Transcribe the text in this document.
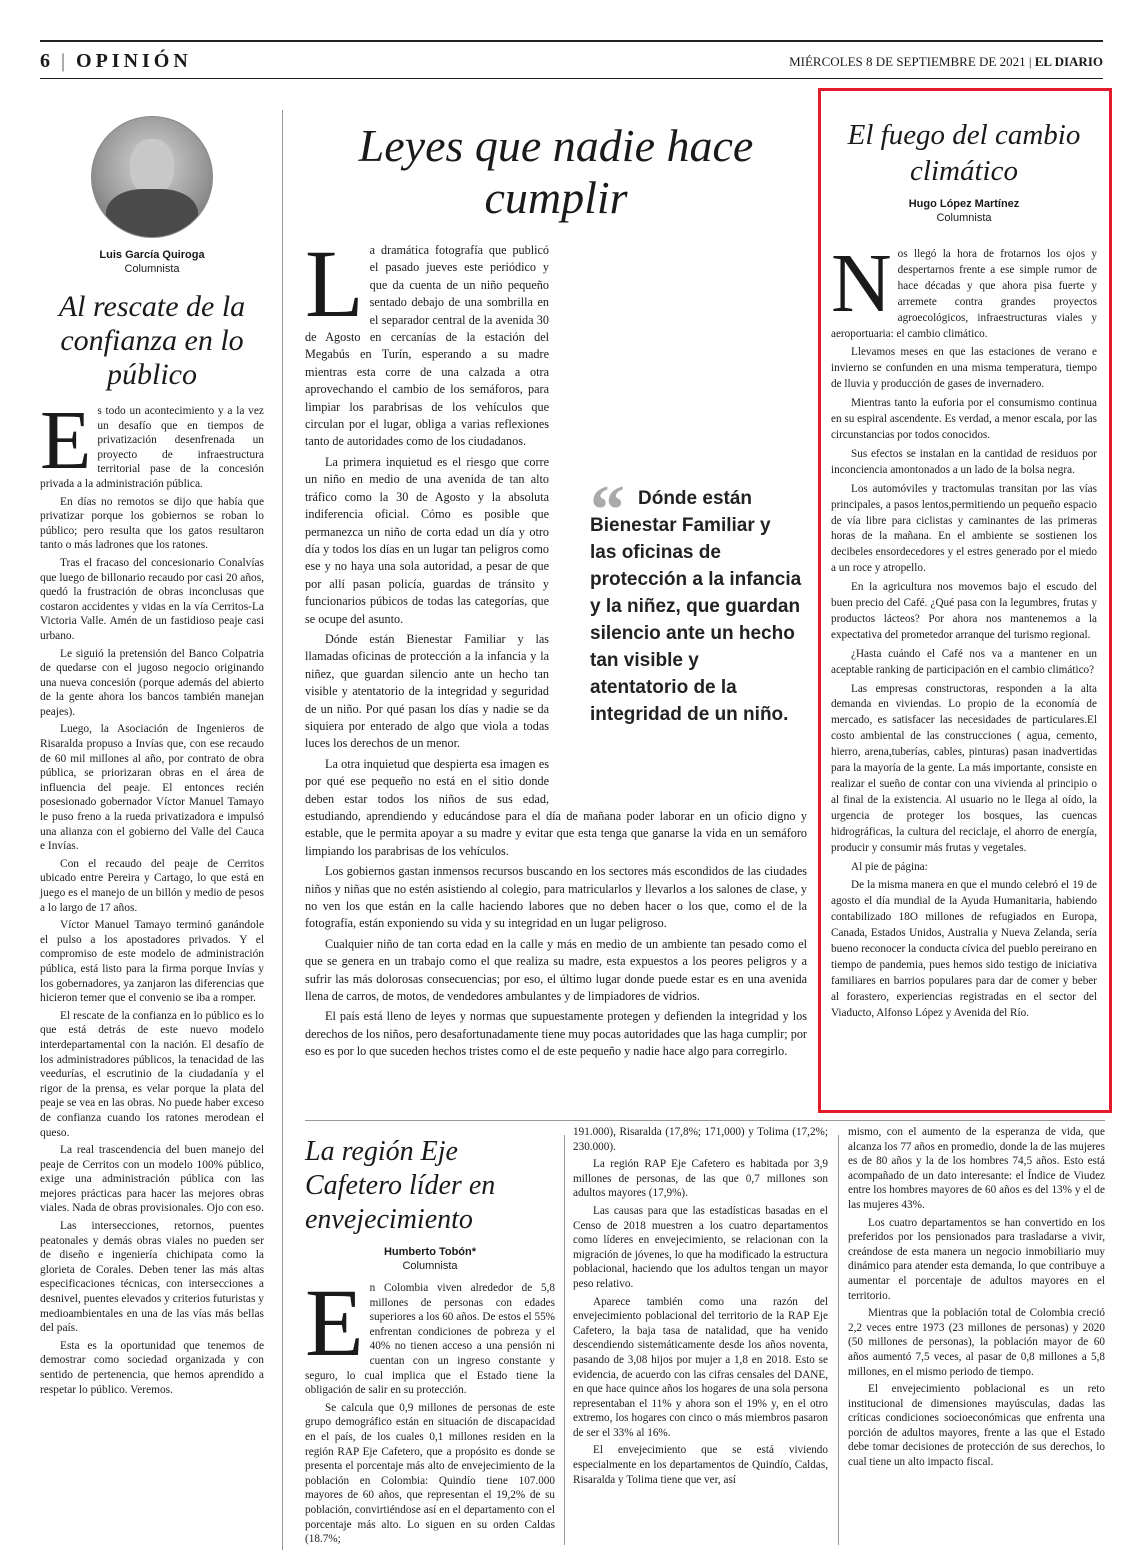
6 | OPINIÓN	MIÉRCOLES 8 DE SEPTIEMBRE DE 2021 | EL DIARIO
Luis García Quiroga
Columnista
Al rescate de la confianza en lo público

Es todo un acontecimiento y a la vez un desafío que en tiempos de privatización desenfrenada un proyecto de infraestructura territorial pase de la concesión privada a la administración pública.

En días no remotos se dijo que había que privatizar porque los gobiernos se roban lo público; pero resulta que los gatos resultaron tanto o más ladrones que los ratones.

Tras el fracaso del concesionario Conalvías que luego de billonario recaudo por casi 20 años, quedó la frustración de obras inconclusas que costaron accidentes y vidas en la vía Cerritos-La Victoria Valle. Amén de un fastidioso peaje casi urbano.

Le siguió la pretensión del Banco Colpatria de quedarse con el jugoso negocio originando una nueva concesión (porque además del abierto de la gente ahora los bancos también manejan peajes).

Luego, la Asociación de Ingenieros de Risaralda propuso a Invías que, con ese recaudo de 60 mil millones al año, por contrato de obra pública, se priorizaran obras en el área de influencia del peaje. El entonces recién posesionado gobernador Víctor Manuel Tamayo le puso freno a la rueda privatizadora e impulsó una alianza con el gobierno del Valle del Cauca e Invías.

Con el recaudo del peaje de Cerritos ubicado entre Pereira y Cartago, lo que está en juego es el manejo de un billón y medio de pesos a lo largo de 17 años.

Víctor Manuel Tamayo terminó ganándole el pulso a los apostadores privados. Y el compromiso de este modelo de administración pública, está listo para la firma porque Invías y los gobernadores, ya zanjaron las diferencias que hicieron temer que el convenio se iba a romper.

El rescate de la confianza en lo público es lo que está detrás de este nuevo modelo interdepartamental con la nación. El desafío de los administradores públicos, la tenacidad de las veedurías, el escrutinio de la ciudadanía y el rigor de la prensa, es velar porque la plata del peaje se vea en las obras. No puede haber exceso de confianza cuando los ratones merodean el queso.

La real trascendencia del buen manejo del peaje de Cerritos con un modelo 100% público, exige una administración pública con las mejores prácticas para hacer las mejores obras viales. Nada de obras provisionales. Ojo con eso.

Las intersecciones, retornos, puentes peatonales y demás obras viales no pueden ser de diseño e ingeniería chichipata como la glorieta de Corales. Deben tener las más altas especificaciones técnicas, con intersecciones a desnivel, puentes elevados y criterios futuristas y medioambientales en una de las vías más bellas del país.

Esta es la oportunidad que tenemos de demostrar como sociedad organizada y con sentido de pertenencia, que hemos aprendido a respetar lo público. Veremos.

Leyes que nadie hace cumplir

La dramática fotografía que publicó el pasado jueves este periódico y que da cuenta de un niño pequeño sentado debajo de una sombrilla en el separador central de la avenida 30 de Agosto en cercanías de la estación del Megabús en Turín, esperando a su madre mientras esta corre de una calzada a otra aprovechando el cambio de los semáforos, para limpiar los parabrisas de los vehículos que circulan por el lugar, obliga a varias reflexiones tanto de autoridades como de los ciudadanos.

La primera inquietud es el riesgo que corre un niño en medio de una avenida de tan alto tráfico como la 30 de Agosto y la absoluta indiferencia oficial. Cómo es posible que permanezca un niño de corta edad un día y otro día y todos los días en un lugar tan peligros como ese y no haya una sola autoridad, a pesar de que por allí pasan policía, guardas de tránsito y funcionarios púbicos de todas las categorías, que se ocupe del asunto.

Dónde están Bienestar Familiar y las llamadas oficinas de protección a la infancia y la niñez, que guardan silencio ante un hecho tan visible y atentatorio de la integridad y seguridad de un niño. Por qué pasan los días y nadie se da siquiera por enterado de algo que viola a todas luces los derechos de un menor.

La otra inquietud que despierta esa imagen es por qué ese pequeño no está en el sitio donde deben estar todos los niños de sus edad, estudiando, aprendiendo y educándose para el día de mañana poder laborar en un oficio digno y estable, que le permita apoyar a su madre y evitar que esta tenga que ganarse la vida en un semáforo limpiando los parabrisas de los vehículos.

Los gobiernos gastan inmensos recursos buscando en los sectores más escondidos de las ciudades niños y niñas que no estén asistiendo al colegio, para matricularlos y llevarlos a los salones de clase, y no ven los que están en la calle haciendo labores que no deben hacer o los que, como el de la fotografía, están exponiendo su vida y su integridad en un lugar peligroso.

Cualquier niño de tan corta edad en la calle y más en medio de un ambiente tan pesado como el que se genera en un trabajo como el que realiza su madre, esta expuestos a los peores peligros y a sufrir las más dolorosas consecuencias; por eso, el último lugar donde puede estar es en una avenida llena de carros, de motos, de vendedores ambulantes y de limpiadores de vidrios.

El país está lleno de leyes y normas que supuestamente protegen y defienden la integridad y los derechos de los niños, pero desafortunadamente tiene muy pocas autoridades que las haga cumplir; por eso es por lo que suceden hechos tristes como el de este pequeño y nadie hace algo para corregirlo.

“ Dónde están Bienestar Familiar y las oficinas de protección a la infancia y la niñez, que guardan silencio ante un hecho tan visible y atentatorio de la integridad de un niño.
El fuego del cambio climático
Hugo López Martínez
Columnista

Nos llegó la hora de frotarnos los ojos y despertarnos frente a ese simple rumor de hace décadas y que ahora pisa fuerte y arremete contra grandes proyectos agroecológicos, infraestructuras viales y aeroportuaria: el cambio climático.

Llevamos meses en que las estaciones de verano e invierno se confunden en una misma temperatura, tiempo de lluvia y producción de gases de invernadero.

Mientras tanto la euforia por el consumismo continua en su espiral ascendente. Es verdad, a menor escala, por las circunstancias por todos conocidos.

Sus efectos se instalan en la cantidad de residuos por inconciencia amontonados a un lado de la bolsa negra.

Los automóviles y tractomulas transitan por las vías principales, a pasos lentos,permitiendo un pequeño espacio de vía libre para ciclistas y caminantes de las primeras horas de la mañana. En el ambiente se sostienen los decibeles ensordecedores y el estres generado por el miedo a un roce y atropello.

En la agricultura nos movemos bajo el escudo del buen precio del Café. ¿Qué pasa con la legumbres, frutas y productos lácteos? Por ahora nos mantenemos a la expectativa del prometedor arranque del turismo regional.

¿Hasta cuándo el Café nos va a mantener en un aceptable ranking de participación en el cambio climático?

Las empresas constructoras, responden a la alta demanda en viviendas. Lo propio de la economía de mercado, es satisfacer las necesidades de particulares.El costo ambiental de las construcciones ( agua, cemento, hierro, arena,tuberías, cables, pinturas) pasan inadvertidas para la mayoría de la gente. La más importante, consiste en realizar el sueño de contar con una vivienda al principio o al final de la existencia. Al usuario no le llega al oído, la urgencia de proteger los bosques, las cuencas hidrográficas, la cultura del reciclaje, el ahorro de energía, producir y consumir más frutas y vegetales.

Al pie de página:

De la misma manera en que el mundo celebró el 19 de agosto el día mundial de la Ayuda Humanitaria, habiendo contabilizado 18O millones de refugiados en Europa, Canada, Estados Unidos, Australia y Nueva Zelanda, sería bueno reconocer la conducta cívica del pueblo pereirano en tiempo de pandemia, pues hemos sido testigo de iniciativa familiares en barrios populares para dar de comer y beber al forastero, experiencias registradas en el sector del Viaducto, Alfonso López y Avenida del Río.

La región Eje Cafetero líder en envejecimiento
Humberto Tobón*
Columnista

En Colombia viven alrededor de 5,8 millones de personas con edades superiores a los 60 años. De estos el 55% enfrentan condiciones de pobreza y el 40% no tienen acceso a una pensión ni cuentan con un ingreso constante y seguro, lo cual implica que el Estado tiene la obligación de salir en su protección.

Se calcula que 0,9 millones de personas de este grupo demográfico están en situación de discapacidad en el país, de los cuales 0,1 millones residen en la región RAP Eje Cafetero, que a propósito es donde se presenta el porcentaje más alto de envejecimiento de la población en Colombia: Quindío tiene 107.000 mayores de 60 años, que representan el 19,2% de su población, convirtiéndose así en el departamento con el porcentaje más alto. Lo siguen en su orden Caldas (18.7%;

191.000), Risaralda (17,8%; 171,000) y Tolima (17,2%; 230.000).

La región RAP Eje Cafetero es habitada por 3,9 millones de personas, de las que 0,7 millones son adultos mayores (17,9%).

Las causas para que las estadísticas basadas en el Censo de 2018 muestren a los cuatro departamentos como líderes en envejecimiento, se relacionan con la migración de jóvenes, lo que ha modificado la estructura poblacional, haciendo que los adultos tengan un mayor peso relativo.

Aparece también como una razón del envejecimiento poblacional del territorio de la RAP Eje Cafetero, la baja tasa de natalidad, que ha venido descendiendo sistemáticamente desde los años noventa, pasando de 3,08 hijos por mujer a 1,8 en 2018. Esto se evidencia, de acuerdo con las cifras censales del DANE, en que hace quince años los hogares de una sola persona representaban el 11% y ahora son el 19% y, en el otro extremo, los hogares con cinco o más miembros pasaron de ser el 33% al 16%.

El envejecimiento que se está viviendo especialmente en los departamentos de Quindío, Caldas, Risaralda y Tolima tiene que ver, así

mismo, con el aumento de la esperanza de vida, que alcanza los 77 años en promedio, donde la de las mujeres es de 80 años y la de los hombres 74,5 años. Esto está acompañado de un dato interesante: el Índice de Viudez entre los hombres mayores de 60 años es del 13% y el de las mujeres 43%.

Los cuatro departamentos se han convertido en los preferidos por los pensionados para trasladarse a vivir, creándose de esta manera un negocio inmobiliario muy dinámico para atender esta demanda, lo que contribuye a aumentar el porcentaje de adultos mayores en el territorio.

Mientras que la población total de Colombia creció 2,2 veces entre 1973 (23 millones de personas) y 2020 (50 millones de personas), la población mayor de 60 años aumentó 7,5 veces, al pasar de 0,8 millones a 5,8 millones, en el mismo periodo de tiempo.

El envejecimiento poblacional es un reto institucional de dimensiones mayúsculas, dadas las críticas condiciones socioeconómicas que enfrenta una porción de adultos mayores, frente a las que el Estado debe tomar decisiones de protección de sus derechos, lo cual tiene un alto impacto fiscal.
